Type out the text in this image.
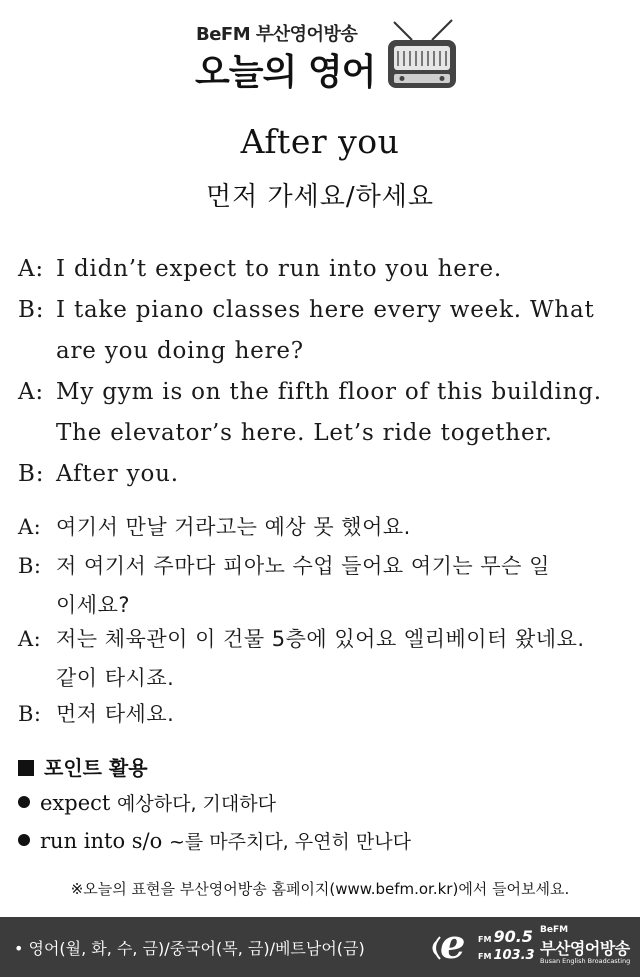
BeFM 부산영어방송
오늘의 영어
After you
먼저 가세요/하세요
A: I didn’t expect to run into you here.
B: I take piano classes here every week. What
are you doing here?
A: My gym is on the fifth floor of this building.
The elevator’s here. Let’s ride together.
B: After you.
A: 여기서 만날 거라고는 예상 못 했어요.
B: 저 여기서 주마다 피아노 수업 들어요 여기는 무슨 일
이세요?
A: 저는 체육관이 이 건물 5층에 있어요 엘리베이터 왔네요.
같이 타시죠.
B: 먼저 타세요.
포인트 활용
expect 예상하다, 기대하다
run into s/o ~를 마주치다, 우연히 만나다
※오늘의 표현을 부산영어방송 홈페이지(www.befm.or.kr)에서 들어보세요.
• 영어(월, 화, 수, 금)/중국어(목, 금)/베트남어(금) e FM 90.5
FM 103.3
BeFM
부산영어방송
Busan English Broadcasting
